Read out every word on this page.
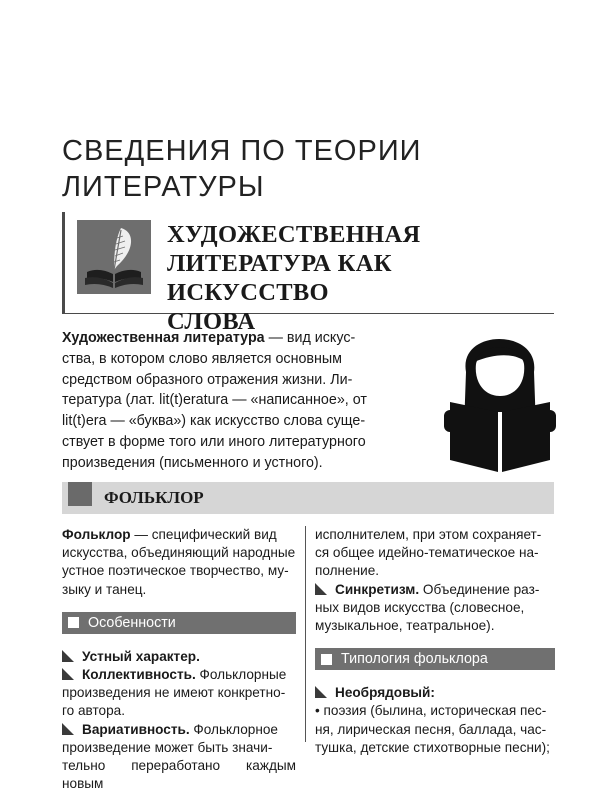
СВЕДЕНИЯ ПО ТЕОРИИ
ЛИТЕРАТУРЫ
ХУДОЖЕСТВЕННАЯ
ЛИТЕРАТУРА КАК ИСКУССТВО
СЛОВА

Художественная литература — вид искус-
ства, в котором слово является основным
средством образного отражения жизни. Ли-
тература (лат. lit(t)eratura — «написанное», от
lit(t)era — «буква») как искусство слова суще-
ствует в форме того или иного литературного
произведения (письменного и устного).

ФОЛЬКЛОР

Фольклор — специфический вид
искусства, объединяющий народные
устное поэтическое творчество, му-
зыку и танец.

Особенности

Устный характер.

Коллективность. Фольклорные
произведения не имеют конкретно-
го автора.

Вариативность. Фольклорное
произведение может быть значи-
тельно переработано каждым новым

исполнителем, при этом сохраняет-
ся общее идейно-тематическое на-
полнение.

Синкретизм. Объединение раз-
ных видов искусства (словесное,
музыкальное, театральное).

Типология фольклора

Необрядовый:
• поэзия (былина, историческая пес-
ня, лирическая песня, баллада, час-
тушка, детские стихотворные песни);
